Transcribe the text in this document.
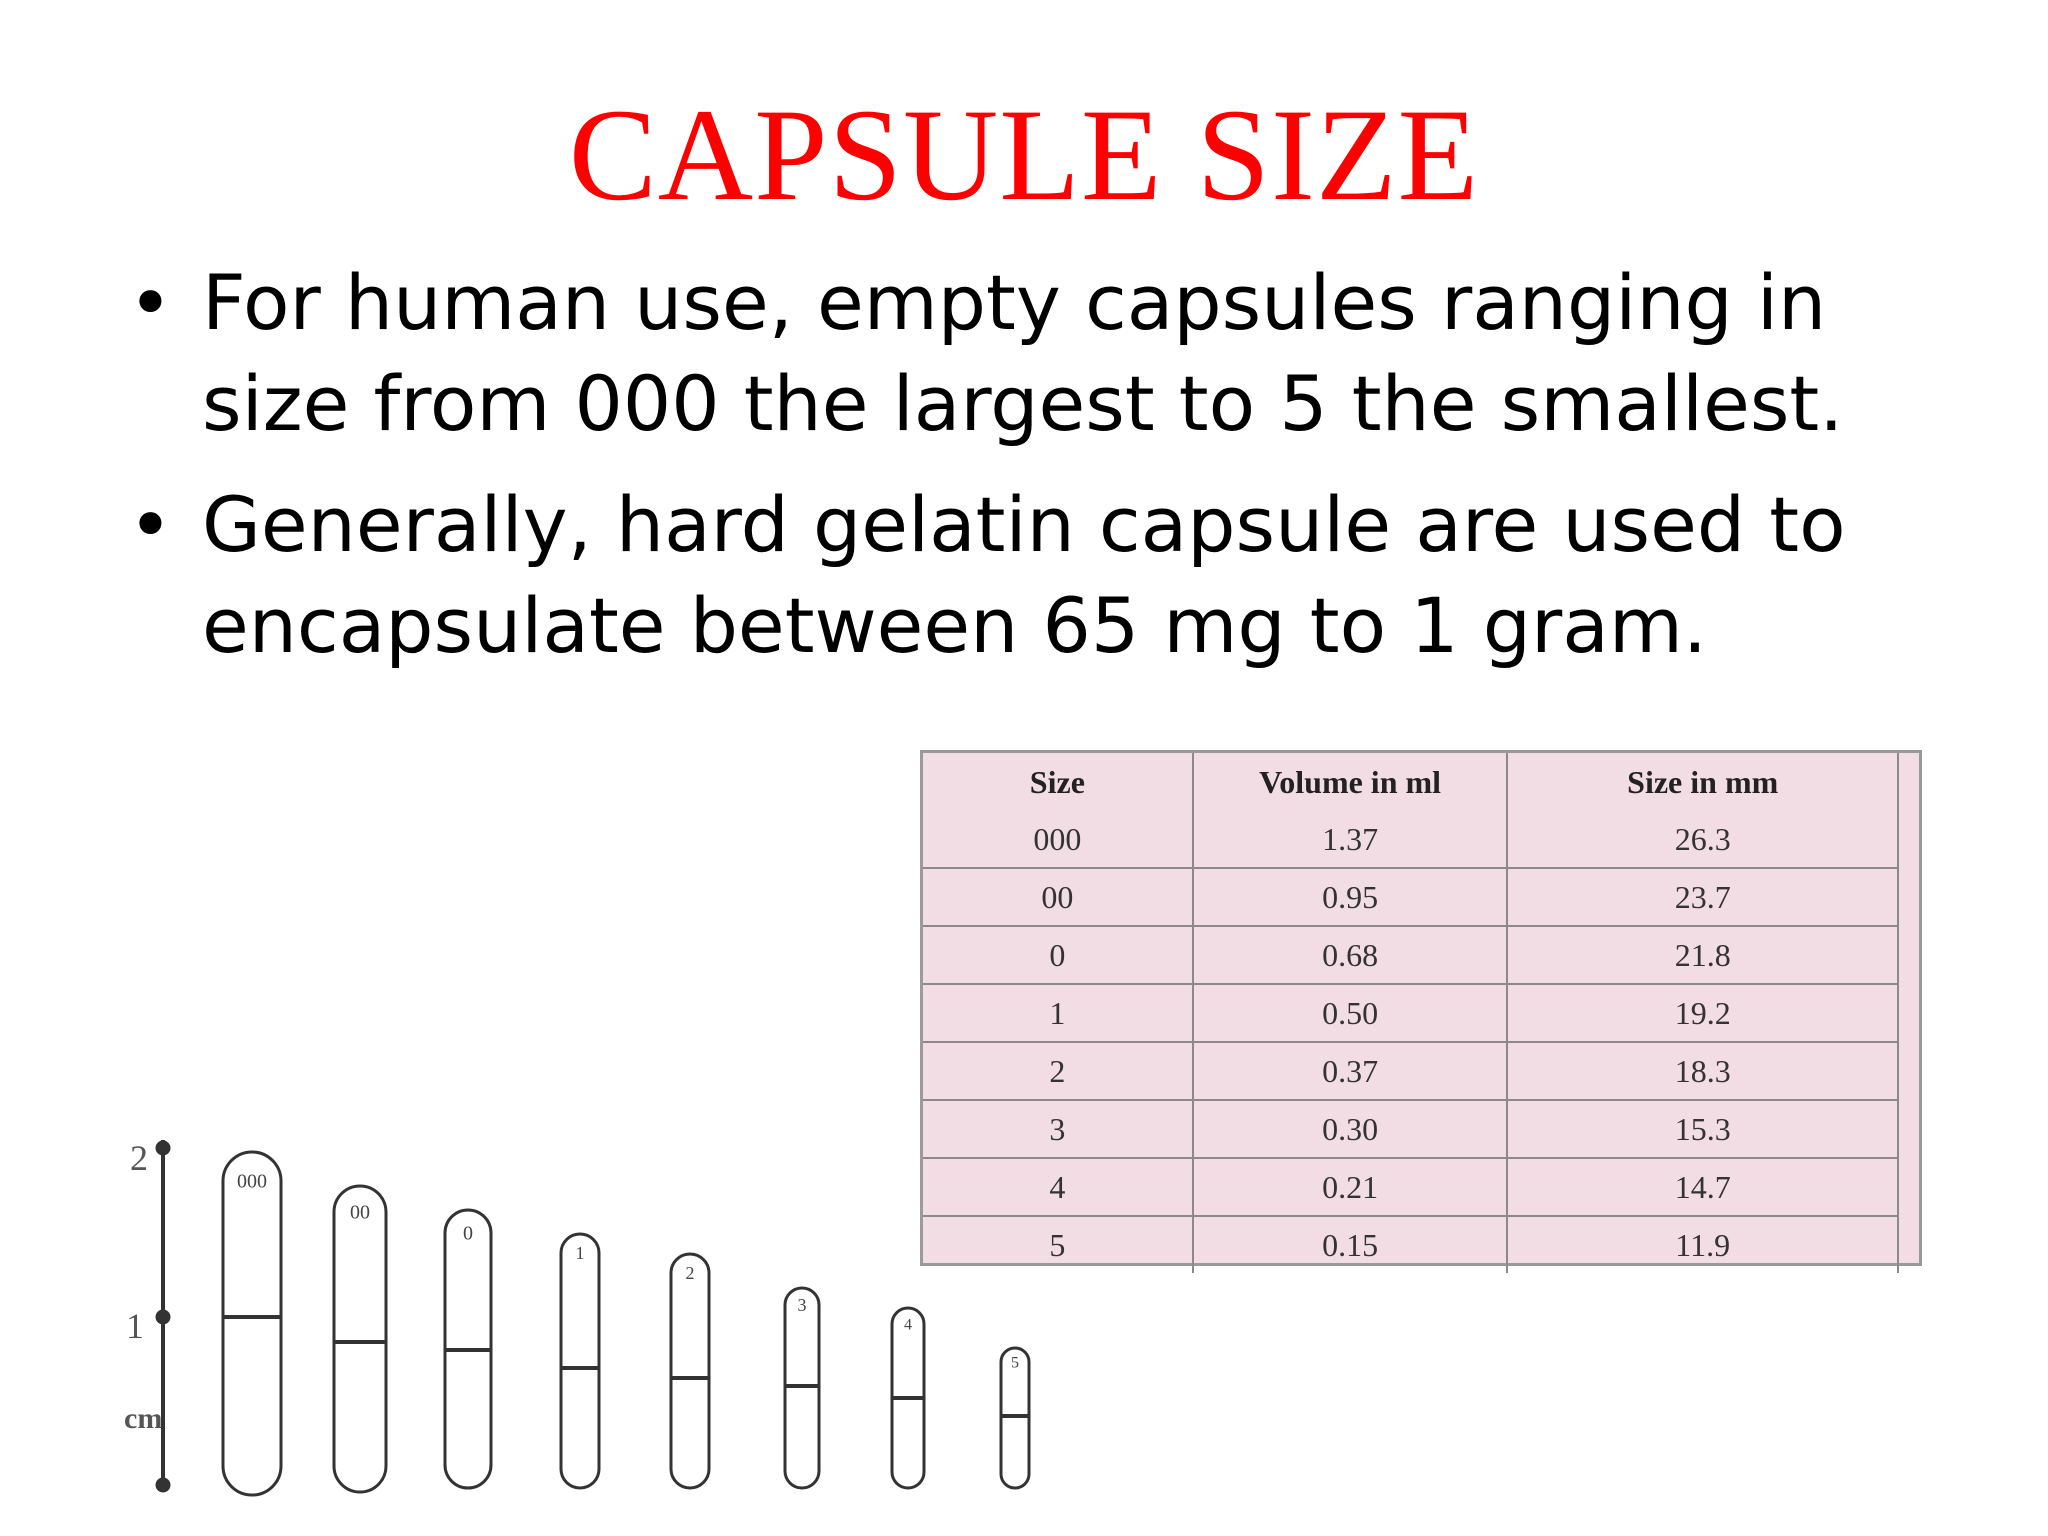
CAPSULE SIZE
• For human use, empty capsules ranging in size from 000 the largest to 5 the smallest.
• Generally, hard gelatin capsule are used to encapsulate between 65 mg to 1 gram.
Size	Volume in ml	Size in mm
000	1.37	26.3
00	0.95	23.7
0	0.68	21.8
1	0.50	19.2
2	0.37	18.3
3	0.30	15.3
4	0.21	14.7
5	0.15	11.9
2
1
cm
000
00
0
1
2
3
4
5
